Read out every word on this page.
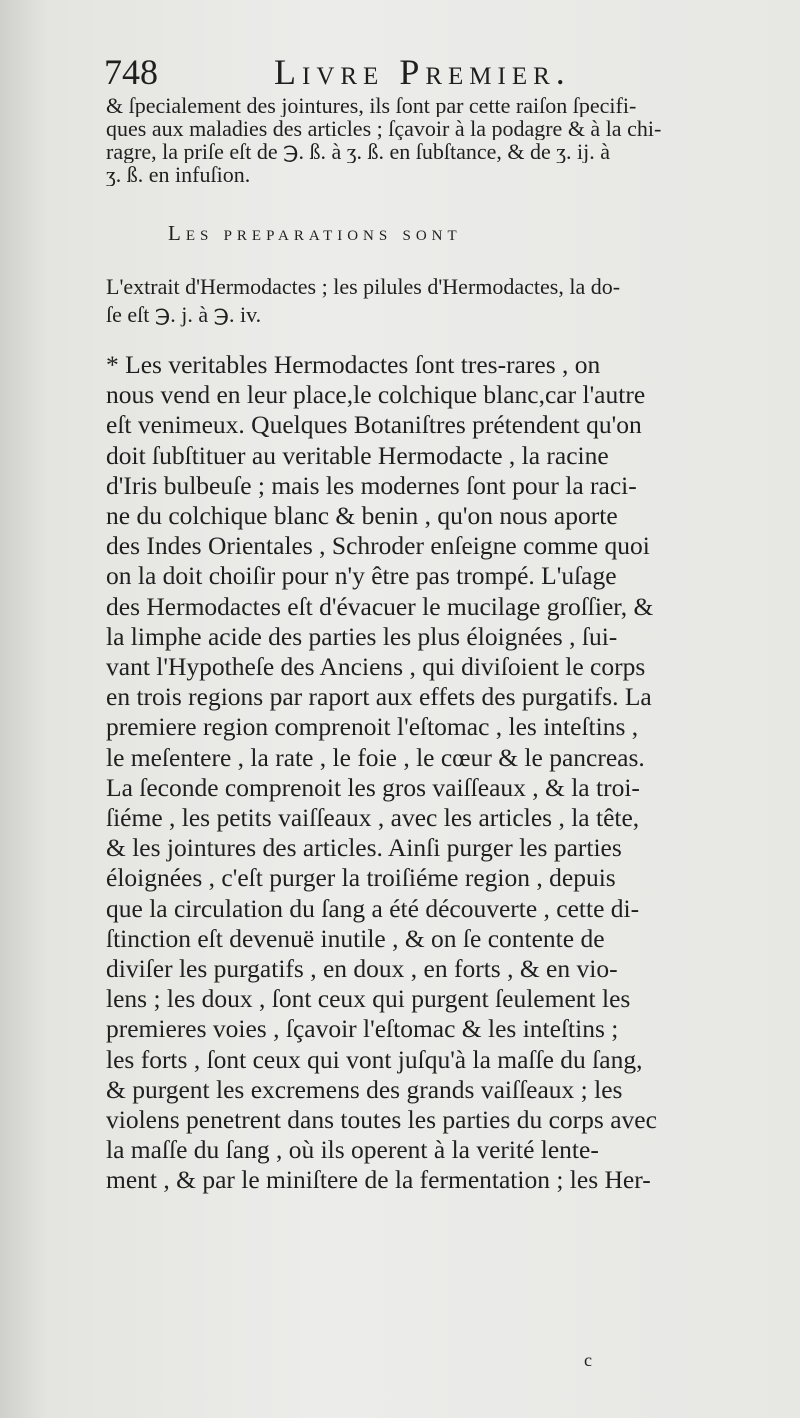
748	Livre Premier.
& ſpecialement des jointures, ils ſont par cette raiſon ſpecifi-
ques aux maladies des articles ; ſçavoir à la podagre & à la chi-
ragre, la priſe eſt de ℈. ß. à ʒ. ß. en ſubſtance, & de ʒ. ij. à
ʒ. ß. en infuſion.
Les preparations sont
L'extrait d'Hermodactes ; les pilules d'Hermodactes, la do-
ſe eſt ℈. j. à ℈. iv.
* Les veritables Hermodactes ſont tres-rares , on
nous vend en leur place,le colchique blanc,car l'autre
eſt venimeux. Quelques Botaniſtres prétendent qu'on
doit ſubſtituer au veritable Hermodacte , la racine
d'Iris bulbeuſe ; mais les modernes ſont pour la raci-
ne du colchique blanc & benin , qu'on nous aporte
des Indes Orientales , Schroder enſeigne comme quoi
on la doit choiſir pour n'y être pas trompé. L'uſage
des Hermodactes eſt d'évacuer le mucilage groſſier, &
la limphe acide des parties les plus éloignées , ſui-
vant l'Hypotheſe des Anciens , qui diviſoient le corps
en trois regions par raport aux effets des purgatifs. La
premiere region comprenoit l'eſtomac , les inteſtins ,
le meſentere , la rate , le foie , le cœur & le pancreas.
La ſeconde comprenoit les gros vaiſſeaux , & la troi-
ſiéme , les petits vaiſſeaux , avec les articles , la tête,
& les jointures des articles. Ainſi purger les parties
éloignées , c'eſt purger la troiſiéme region , depuis
que la circulation du ſang a été découverte , cette di-
ſtinction eſt devenuë inutile , & on ſe contente de
diviſer les purgatifs , en doux , en forts , & en vio-
lens ; les doux , ſont ceux qui purgent ſeulement les
premieres voies , ſçavoir l'eſtomac & les inteſtins ;
les forts , ſont ceux qui vont juſqu'à la maſſe du ſang,
& purgent les excremens des grands vaiſſeaux ; les
violens penetrent dans toutes les parties du corps avec
la maſſe du ſang , où ils operent à la verité lente-
ment , & par le miniſtere de la fermentation ; les Her-
c
